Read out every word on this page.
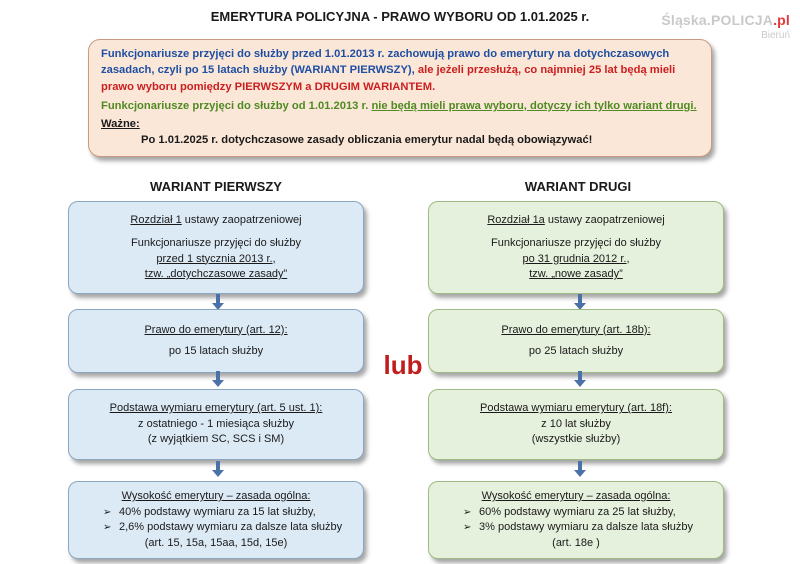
EMERYTURA POLICYJNA - PRAWO WYBORU OD 1.01.2025 r.	Śląska.POLICJA.pl
Bieruń

Funkcjonariusze przyjęci do służby przed 1.01.2013 r. zachowują prawo do emerytury na dotychczasowych zasadach, czyli po 15 latach służby (WARIANT PIERWSZY), ale jeżeli przesłużą, co najmniej 25 lat będą mieli prawo wyboru pomiędzy PIERWSZYM a DRUGIM WARIANTEM.

Funkcjonariusze przyjęci do służby od 1.01.2013 r. nie będą mieli prawa wyboru, dotyczy ich tylko wariant drugi.

Ważne:

Po 1.01.2025 r. dotychczasowe zasady obliczania emerytur nadal będą obowiązywać!

WARIANT PIERWSZY	WARIANT DRUGI
Rozdział 1 ustawy zaopatrzeniowej
Funkcjonariusze przyjęci do służby
przed 1 stycznia 2013 r.,
tzw. „dotychczasowe zasady”
Prawo do emerytury (art. 12):
po 15 latach służby
Podstawa wymiaru emerytury (art. 5 ust. 1):
z ostatniego - 1 miesiąca służby
(z wyjątkiem SC, SCS i SM)
Wysokość emerytury – zasada ogólna:
➢ 40% podstawy wymiaru za 15 lat służby,
➢ 2,6% podstawy wymiaru za dalsze lata służby
(art. 15, 15a, 15aa, 15d, 15e)
Rozdział 1a ustawy zaopatrzeniowej
Funkcjonariusze przyjęci do służby
po 31 grudnia 2012 r.,
tzw. „nowe zasady”
Prawo do emerytury (art. 18b):
po 25 latach służby
Podstawa wymiaru emerytury (art. 18f):
z 10 lat służby
(wszystkie służby)
Wysokość emerytury – zasada ogólna:
➢ 60% podstawy wymiaru za 25 lat służby,
➢ 3% podstawy wymiaru za dalsze lata służby
(art. 18e )
lub
